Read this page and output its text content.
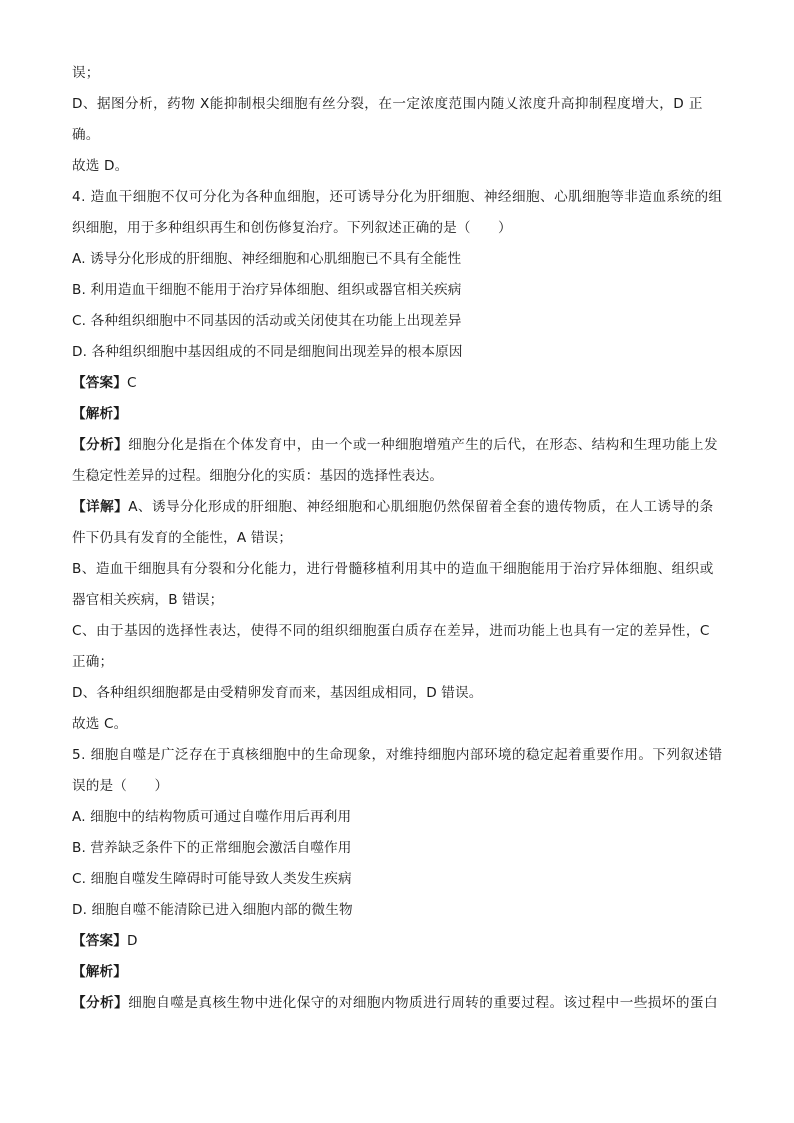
误；
D、据图分析，药物 X能抑制根尖细胞有丝分裂，在一定浓度范围内随乂浓度升高抑制程度增大，D 正
确。
故选 D。
4. 造血干细胞不仅可分化为各种血细胞，还可诱导分化为肝细胞、神经细胞、心肌细胞等非造血系统的组
织细胞，用于多种组织再生和创伤修复治疗。下列叙述正确的是（　　）
A. 诱导分化形成的肝细胞、神经细胞和心肌细胞已不具有全能性
B. 利用造血干细胞不能用于治疗异体细胞、组织或器官相关疾病
C. 各种组织细胞中不同基因的活动或关闭使其在功能上出现差异
D. 各种组织细胞中基因组成的不同是细胞间出现差异的根本原因
【答案】C
【解析】
【分析】细胞分化是指在个体发育中，由一个或一种细胞增殖产生的后代，在形态、结构和生理功能上发
生稳定性差异的过程。细胞分化的实质：基因的选择性表达。
【详解】A、诱导分化形成的肝细胞、神经细胞和心肌细胞仍然保留着全套的遗传物质，在人工诱导的条
件下仍具有发育的全能性，A 错误；
B、造血干细胞具有分裂和分化能力，进行骨髓移植利用其中的造血干细胞能用于治疗异体细胞、组织或
器官相关疾病，B 错误；
C、由于基因的选择性表达，使得不同的组织细胞蛋白质存在差异，进而功能上也具有一定的差异性，C
正确；
D、各种组织细胞都是由受精卵发育而来，基因组成相同，D 错误。
故选 C。
5. 细胞自噬是广泛存在于真核细胞中的生命现象，对维持细胞内部环境的稳定起着重要作用。下列叙述错
误的是（　　）
A. 细胞中的结构物质可通过自噬作用后再利用
B. 营养缺乏条件下的正常细胞会激活自噬作用
C. 细胞自噬发生障碍时可能导致人类发生疾病
D. 细胞自噬不能清除已进入细胞内部的微生物
【答案】D
【解析】
【分析】细胞自噬是真核生物中进化保守的对细胞内物质进行周转的重要过程。该过程中一些损坏的蛋白
